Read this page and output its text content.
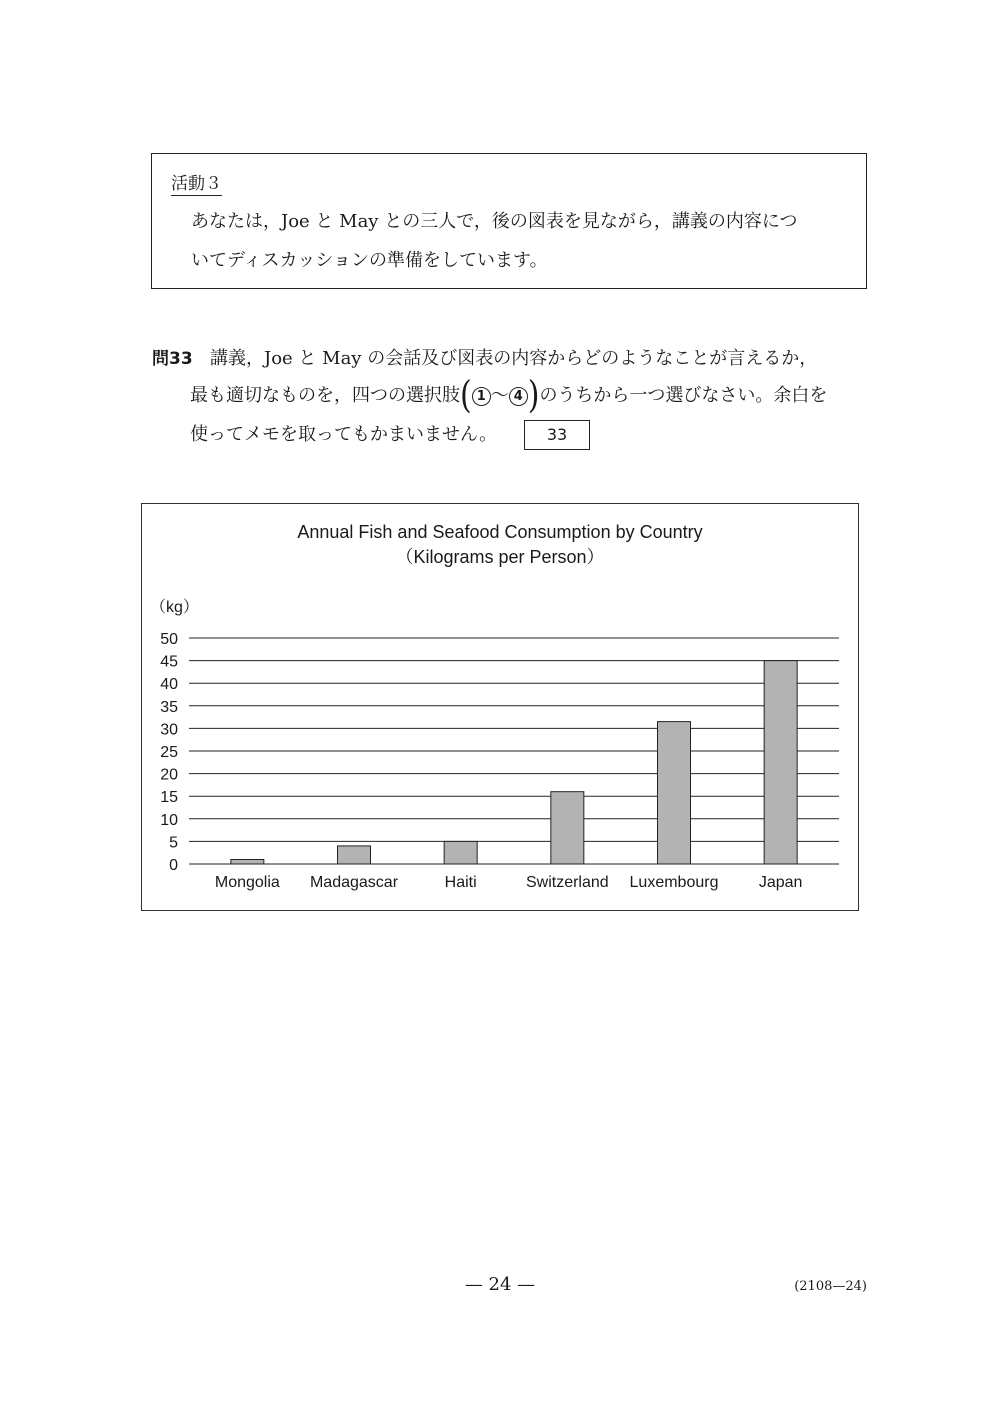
活動３
あなたは，Joe と May との三人で，後の図表を見ながら，講義の内容につ
いてディスカッションの準備をしています。
問33 講義，Joe と May の会話及び図表の内容からどのようなことが言えるか，
最も適切なものを，四つの選択肢( 1 ～ 4 )のうちから一つ選びなさい。余白を
使ってメモを取ってもかまいません。	33
Annual Fish and Seafood Consumption by Country
（Kilograms per Person）
（kg）
0
5
10
15
20
25
30
35
40
45
50
Mongolia Madagascar	Haiti	Switzerland Luxembourg	Japan
— 24 —	(2108—24)
